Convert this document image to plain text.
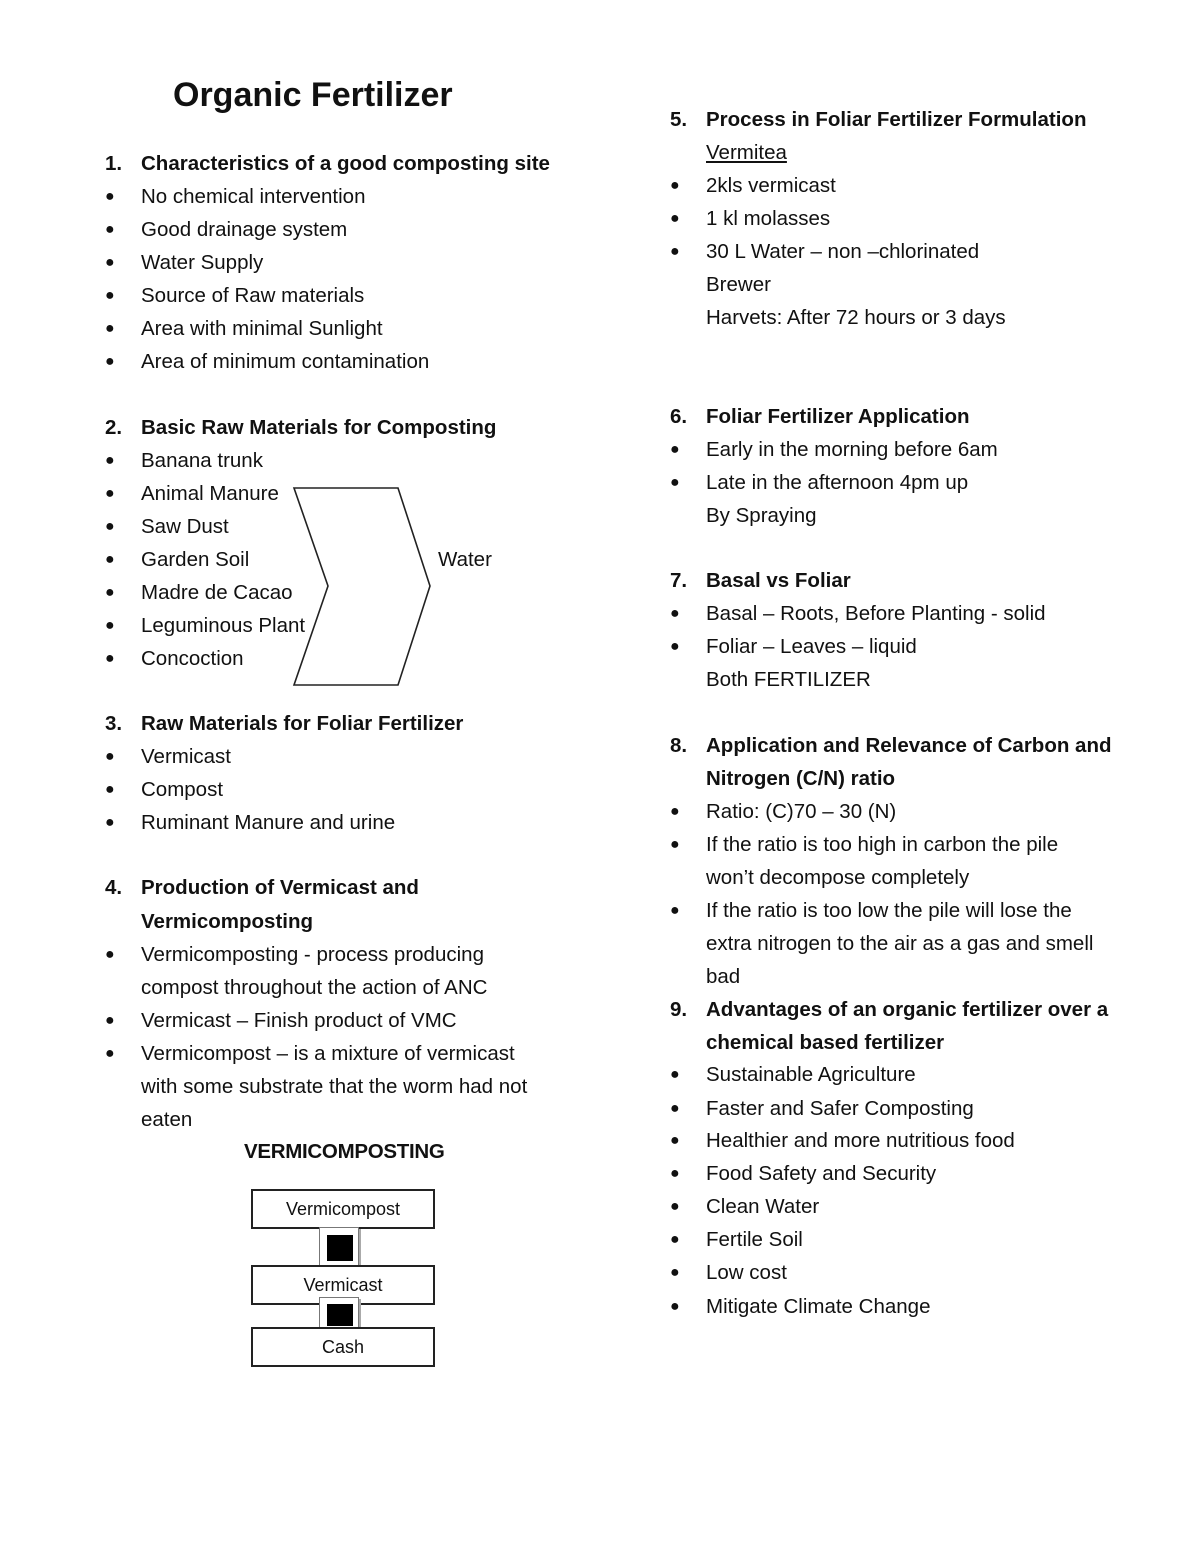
Organic Fertilizer
1. Characteristics of a good composting site
● No chemical intervention
● Good drainage system
● Water Supply
● Source of Raw materials
● Area with minimal Sunlight
● Area of minimum contamination
2. Basic Raw Materials for Composting
● Banana trunk
● Animal Manure
● Saw Dust
● Garden Soil
● Madre de Cacao
● Leguminous Plant
● Concoction
Water
3. Raw Materials for Foliar Fertilizer
● Vermicast
● Compost
● Ruminant Manure and urine
4. Production of Vermicast and
Vermicomposting
● Vermicomposting - process producing
compost throughout the action of ANC
● Vermicast – Finish product of VMC
● Vermicompost – is a mixture of vermicast
with some substrate that the worm had not
eaten
VERMICOMPOSTING
Vermicompost
Vermicast
Cash
5. Process in Foliar Fertilizer Formulation
Vermitea
● 2kls vermicast
● 1 kl molasses
● 30 L Water – non –chlorinated
Brewer
Harvets: After 72 hours or 3 days
6. Foliar Fertilizer Application
● Early in the morning before 6am
● Late in the afternoon 4pm up
By Spraying
7. Basal vs Foliar
● Basal – Roots, Before Planting - solid
● Foliar – Leaves – liquid
Both FERTILIZER
8. Application and Relevance of Carbon and
Nitrogen (C/N) ratio
● Ratio: (C)70 – 30 (N)
● If the ratio is too high in carbon the pile
won’t decompose completely
● If the ratio is too low the pile will lose the
extra nitrogen to the air as a gas and smell
bad
9. Advantages of an organic fertilizer over a
chemical based fertilizer
● Sustainable Agriculture
● Faster and Safer Composting
● Healthier and more nutritious food
● Food Safety and Security
● Clean Water
● Fertile Soil
● Low cost
● Mitigate Climate Change
